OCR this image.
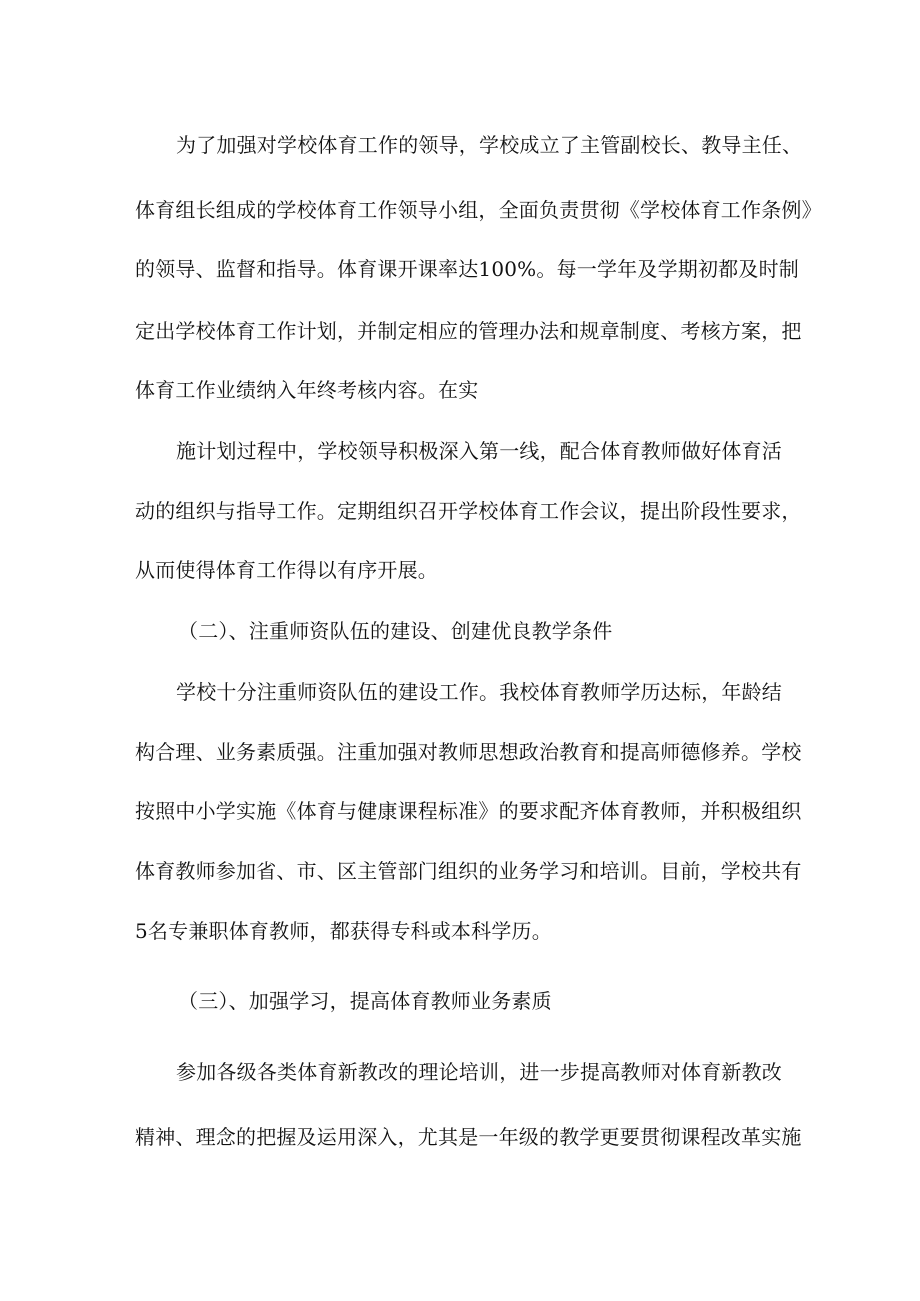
为了加强对学校体育工作的领导，学校成立了主管副校长、教导主任、
体育组长组成的学校体育工作领导小组，全面负责贯彻《学校体育工作条例》
的领导、监督和指导。体育课开课率达100%。每一学年及学期初都及时制
定出学校体育工作计划，并制定相应的管理办法和规章制度、考核方案，把
体育工作业绩纳入年终考核内容。在实
施计划过程中，学校领导积极深入第一线，配合体育教师做好体育活
动的组织与指导工作。定期组织召开学校体育工作会议，提出阶段性要求，
从而使得体育工作得以有序开展。
（二）、注重师资队伍的建设、创建优良教学条件
学校十分注重师资队伍的建设工作。我校体育教师学历达标，年龄结
构合理、业务素质强。注重加强对教师思想政治教育和提高师德修养。学校
按照中小学实施《体育与健康课程标准》的要求配齐体育教师，并积极组织
体育教师参加省、市、区主管部门组织的业务学习和培训。目前，学校共有
5名专兼职体育教师，都获得专科或本科学历。
（三）、加强学习，提高体育教师业务素质
参加各级各类体育新教改的理论培训，进一步提高教师对体育新教改
精神、理念的把握及运用深入，尤其是一年级的教学更要贯彻课程改革实施
